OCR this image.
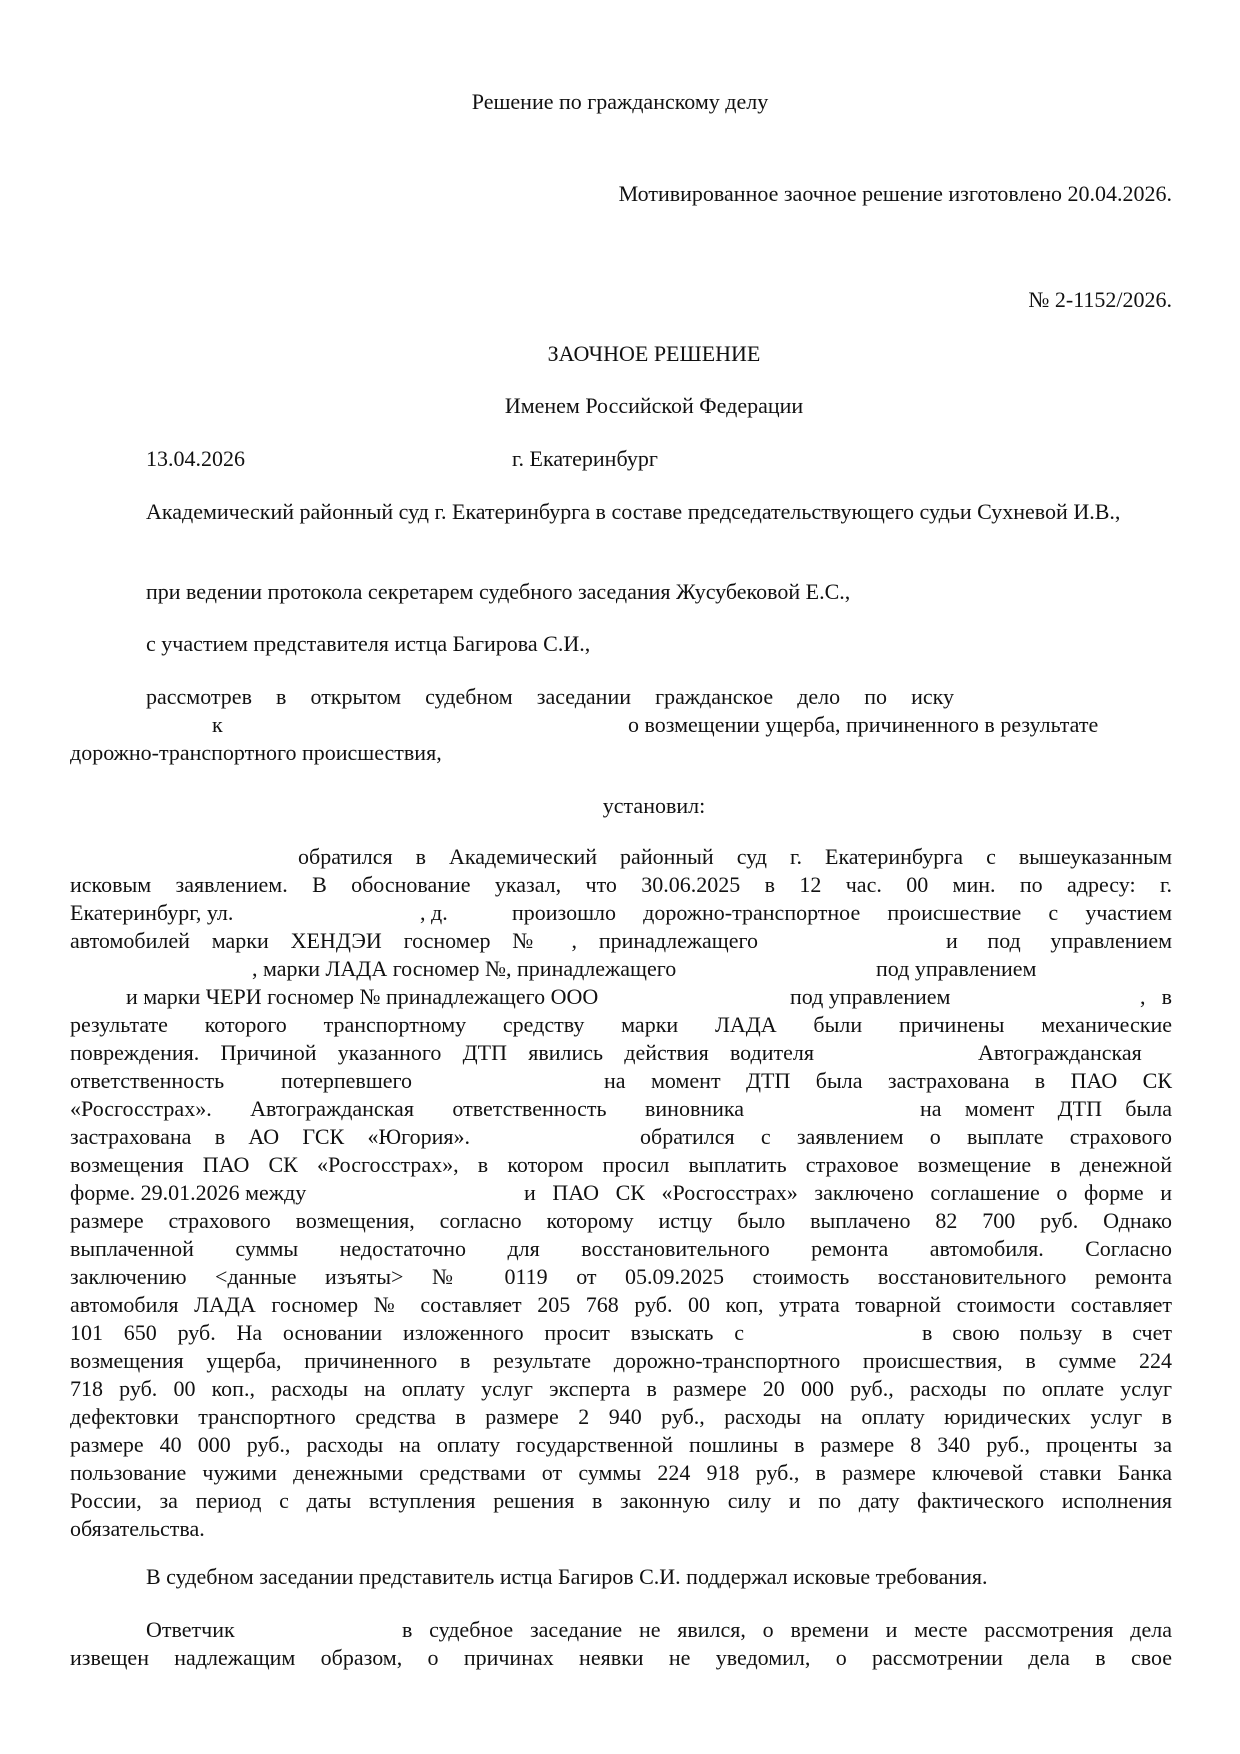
Решение по гражданскому делу
Мотивированное заочное решение изготовлено 20.04.2026.
№ 2-1152/2026.
ЗАОЧНОЕ РЕШЕНИЕ
Именем Российской Федерации
13.04.2026	г. Екатеринбург

Академический районный суд г. Екатеринбурга в составе председательствующего судьи Сухневой И.В.,

при ведении протокола секретарем судебного заседания Жусубековой Е.С.,
с участием представителя истца Багирова С.И.,
рассмотрев в открытом судебном заседании гражданское дело по иску
к	о возмещении ущерба, причиненного в результате
дорожно-транспортного происшествия,
установил:
обратился в Академический районный суд г. Екатеринбурга с вышеуказанным
исковым заявлением. В обоснование указал, что 30.06.2025 в 12 час. 00 мин. по адресу: г.
Екатеринбург, ул.	, д.	произошло дорожно-транспортное происшествие с участием
автомобилей марки ХЕНДЭИ госномер № , принадлежащего	и под управлением
, марки ЛАДА госномер №, принадлежащего	под управлением
и марки ЧЕРИ госномер № принадлежащего ООО	под управлением	, в
результате которого транспортному средству марки ЛАДА были причинены механические
повреждения. Причиной указанного ДТП явились действия водителя	Автогражданская
ответственность потерпевшего	на момент ДТП была застрахована в ПАО СК
«Росгосстрах». Автогражданская ответственность виновника	на момент ДТП была
застрахована в АО ГСК «Югория».	обратился с заявлением о выплате страхового
возмещения ПАО СК «Росгосстрах», в котором просил выплатить страховое возмещение в денежной
форме. 29.01.2026 между	и ПАО СК «Росгосстрах» заключено соглашение о форме и
размере страхового возмещения, согласно которому истцу было выплачено 82 700 руб. Однако
выплаченной суммы недостаточно для восстановительного ремонта автомобиля. Согласно
заключению <данные изъяты> № 0119 от 05.09.2025 стоимость восстановительного ремонта
автомобиля ЛАДА госномер № составляет 205 768 руб. 00 коп, утрата товарной стоимости составляет
101 650 руб. На основании изложенного просит взыскать с	в свою пользу в счет
возмещения ущерба, причиненного в результате дорожно-транспортного происшествия, в сумме 224
718 руб. 00 коп., расходы на оплату услуг эксперта в размере 20 000 руб., расходы по оплате услуг
дефектовки транспортного средства в размере 2 940 руб., расходы на оплату юридических услуг в
размере 40 000 руб., расходы на оплату государственной пошлины в размере 8 340 руб., проценты за
пользование чужими денежными средствами от суммы 224 918 руб., в размере ключевой ставки Банка
России, за период с даты вступления решения в законную силу и по дату фактического исполнения
обязательства.
В судебном заседании представитель истца Багиров С.И. поддержал исковые требования.
Ответчик	в судебное заседание не явился, о времени и месте рассмотрения дела
извещен надлежащим образом, о причинах неявки не уведомил, о рассмотрении дела в свое
